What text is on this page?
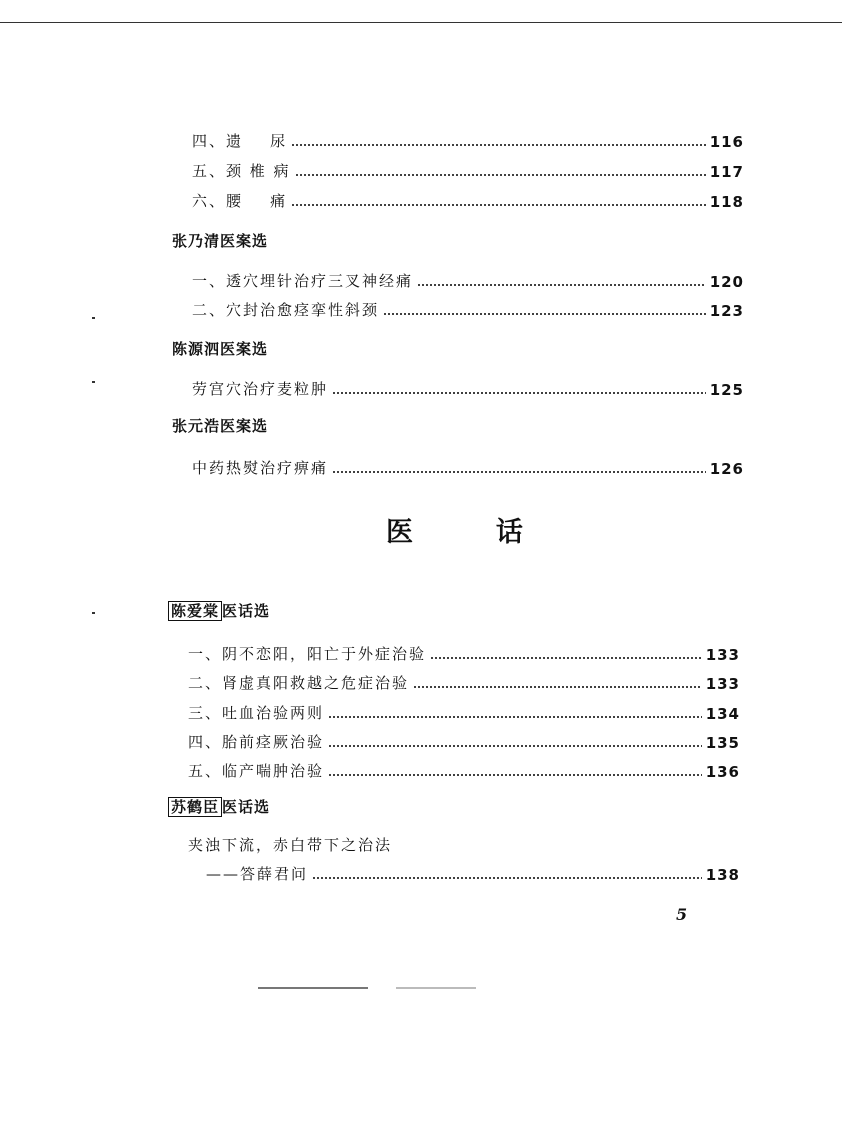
四、遗    尿	116
五、颈 椎 病	117
六、腰    痛	118
张乃清医案选
一、透穴埋针治疗三叉神经痛	120
二、穴封治愈痉挛性斜颈	123
陈源泗医案选
劳宫穴治疗麦粒肿	125
张元浩医案选
中药热熨治疗痹痛	126
医	话
陈爱棠 医话选
一、阴不恋阳，阳亡于外症治验	133
二、肾虚真阳救越之危症治验	133
三、吐血治验两则	134
四、胎前痉厥治验	135
五、临产喘肿治验	136
苏鹤臣 医话选
夹浊下流，赤白带下之治法
——答薛君问	138
5
